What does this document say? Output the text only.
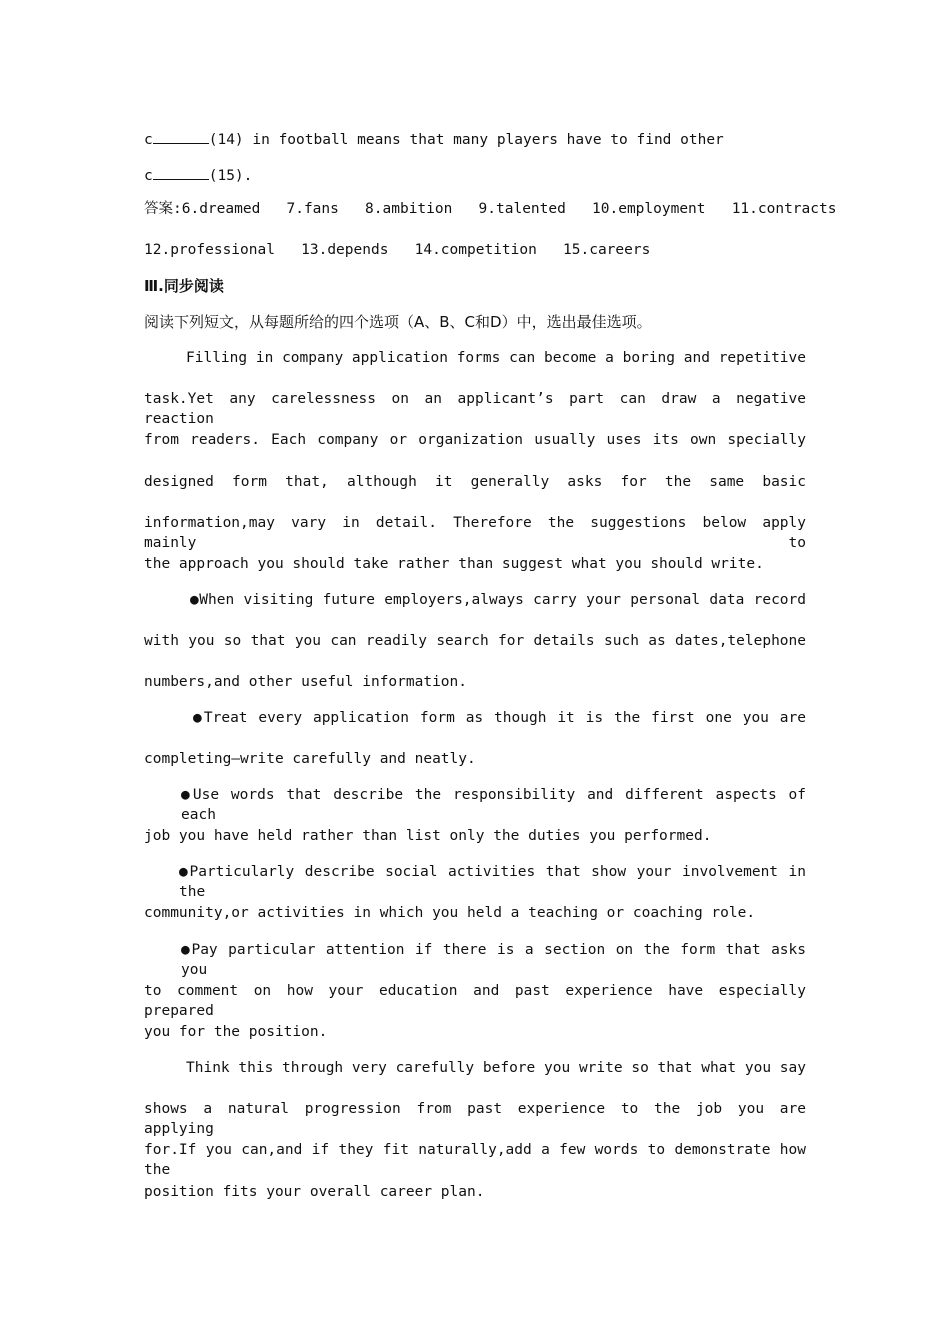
c	(14) in football means that many players have to find other
c	(15).
答案:6.dreamed   7.fans   8.ambition   9.talented   10.employment   11.contracts
12.professional   13.depends   14.competition   15.careers
Ⅲ.同步阅读
阅读下列短文，从每题所给的四个选项（A、B、C和D）中，选出最佳选项。
Filling in company application forms can become a boring and repetitive
task.Yet any carelessness on an applicant’s part can draw a negative reaction
from readers. Each company or organization usually uses its own specially
designed form that, although it generally asks for the same basic
information,may vary in detail. Therefore the suggestions below apply mainly to
the approach you should take rather than suggest what you should write.
●When visiting future employers,always carry your personal data record
with you so that you can readily search for details such as dates,telephone
numbers,and other useful information.
●Treat every application form as though it is the first one you are
completing—write carefully and neatly.
●Use words that describe the responsibility and different aspects of each
job you have held rather than list only the duties you performed.
●Particularly describe social activities that show your involvement in the
community,or activities in which you held a teaching or coaching role.
●Pay particular attention if there is a section on the form that asks you
to comment on how your education and past experience have especially prepared
you for the position.
Think this through very carefully before you write so that what you say
shows a natural progression from past experience to the job you are applying
for.If you can,and if they fit naturally,add a few words to demonstrate how the
position fits your overall career plan.
